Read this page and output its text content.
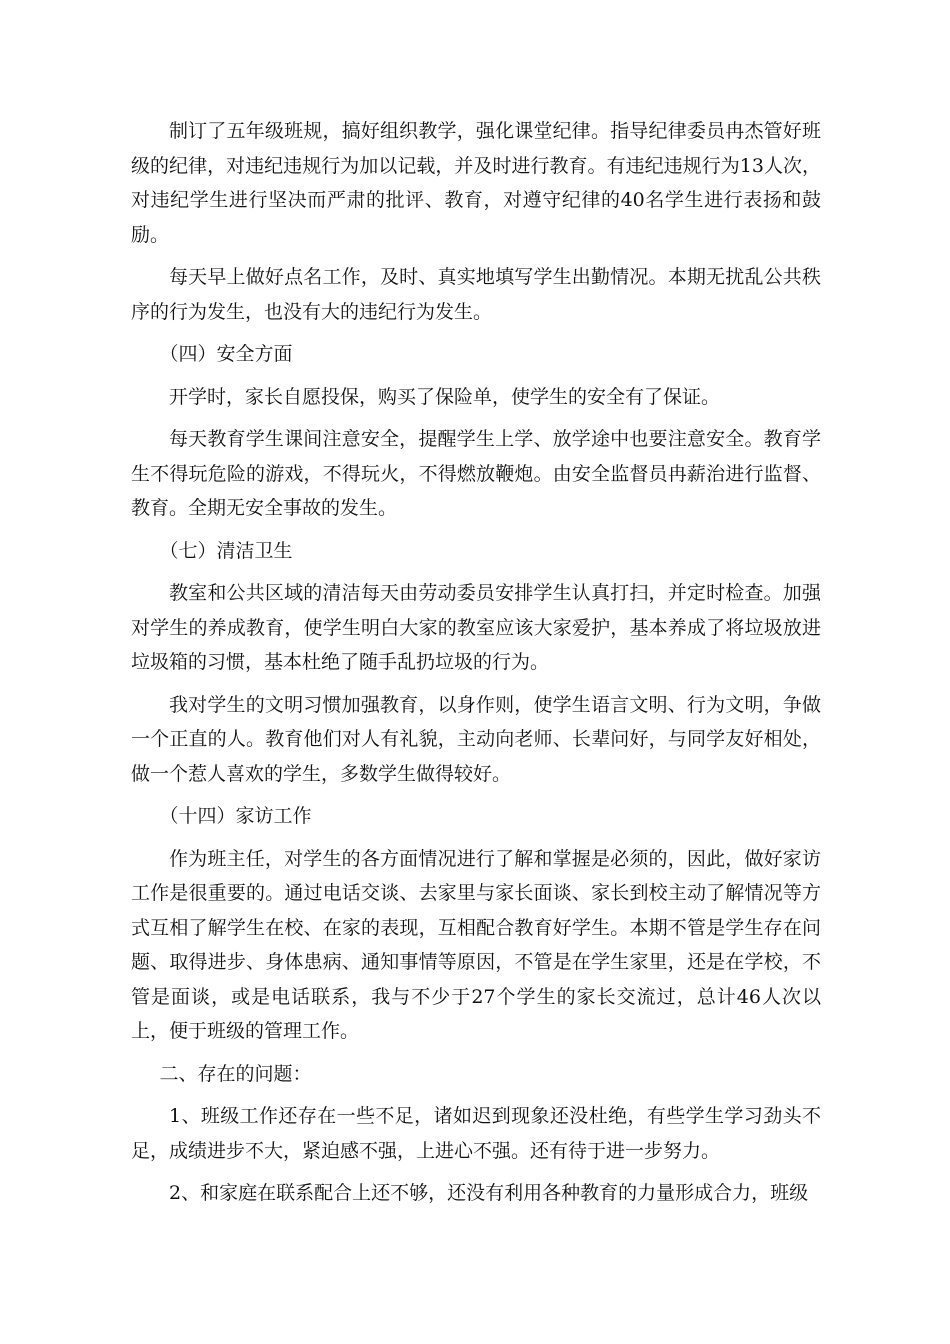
制订了五年级班规，搞好组织教学，强化课堂纪律。指导纪律委员冉杰管好班级的纪律，对违纪违规行为加以记载，并及时进行教育。有违纪违规行为13人次，对违纪学生进行坚决而严肃的批评、教育，对遵守纪律的40名学生进行表扬和鼓励。

每天早上做好点名工作，及时、真实地填写学生出勤情况。本期无扰乱公共秩序的行为发生，也没有大的违纪行为发生。

（四）安全方面

开学时，家长自愿投保，购买了保险单，使学生的安全有了保证。

每天教育学生课间注意安全，提醒学生上学、放学途中也要注意安全。教育学生不得玩危险的游戏，不得玩火，不得燃放鞭炮。由安全监督员冉薪治进行监督、教育。全期无安全事故的发生。

（七）清洁卫生

教室和公共区域的清洁每天由劳动委员安排学生认真打扫，并定时检查。加强对学生的养成教育，使学生明白大家的教室应该大家爱护，基本养成了将垃圾放进垃圾箱的习惯，基本杜绝了随手乱扔垃圾的行为。

我对学生的文明习惯加强教育，以身作则，使学生语言文明、行为文明，争做一个正直的人。教育他们对人有礼貌，主动向老师、长辈问好，与同学友好相处，做一个惹人喜欢的学生，多数学生做得较好。

（十四）家访工作

作为班主任，对学生的各方面情况进行了解和掌握是必须的，因此，做好家访工作是很重要的。通过电话交谈、去家里与家长面谈、家长到校主动了解情况等方式互相了解学生在校、在家的表现，互相配合教育好学生。本期不管是学生存在问题、取得进步、身体患病、通知事情等原因，不管是在学生家里，还是在学校，不管是面谈，或是电话联系，我与不少于27个学生的家长交流过，总计46人次以上，便于班级的管理工作。

二、存在的问题：

1、班级工作还存在一些不足，诸如迟到现象还没杜绝，有些学生学习劲头不足，成绩进步不大，紧迫感不强，上进心不强。还有待于进一步努力。

2、和家庭在联系配合上还不够，还没有利用各种教育的力量形成合力，班级
